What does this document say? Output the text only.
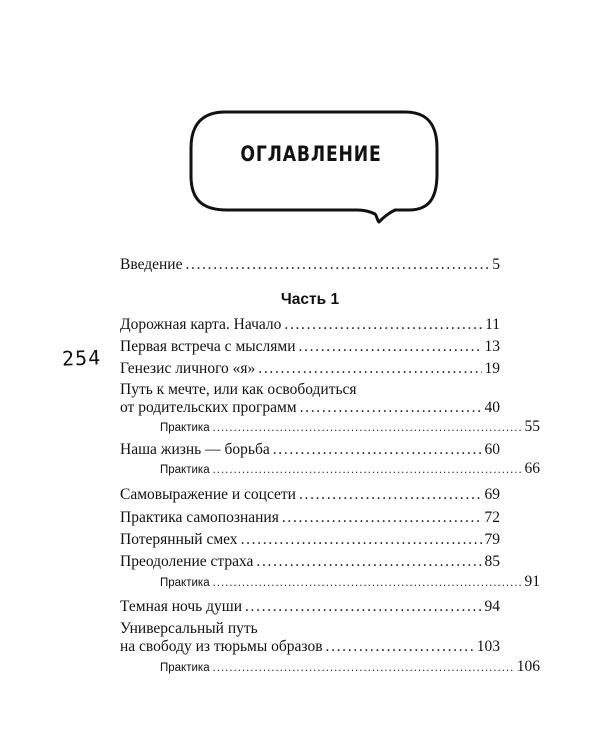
ОГЛАВЛЕНИЕ
254
Введение . . .	5
Часть 1
Дорожная карта. Начало . . .	11
Первая встреча с мыслями . . .	13
Генезис личного «я» . . .	19
Путь к мечте, или как освободиться
от родительских программ . . .	40
Практика . . .	55
Наша жизнь — борьба . . .	60
Практика . . .	66
Самовыражение и соцсети . . .	69
Практика самопознания . . .	72
Потерянный смех . . .	79
Преодоление страха . . .	85
Практика . . .	91
Темная ночь души . . .	94
Универсальный путь
на свободу из тюрьмы образов . . .	103
Практика . . .	106
